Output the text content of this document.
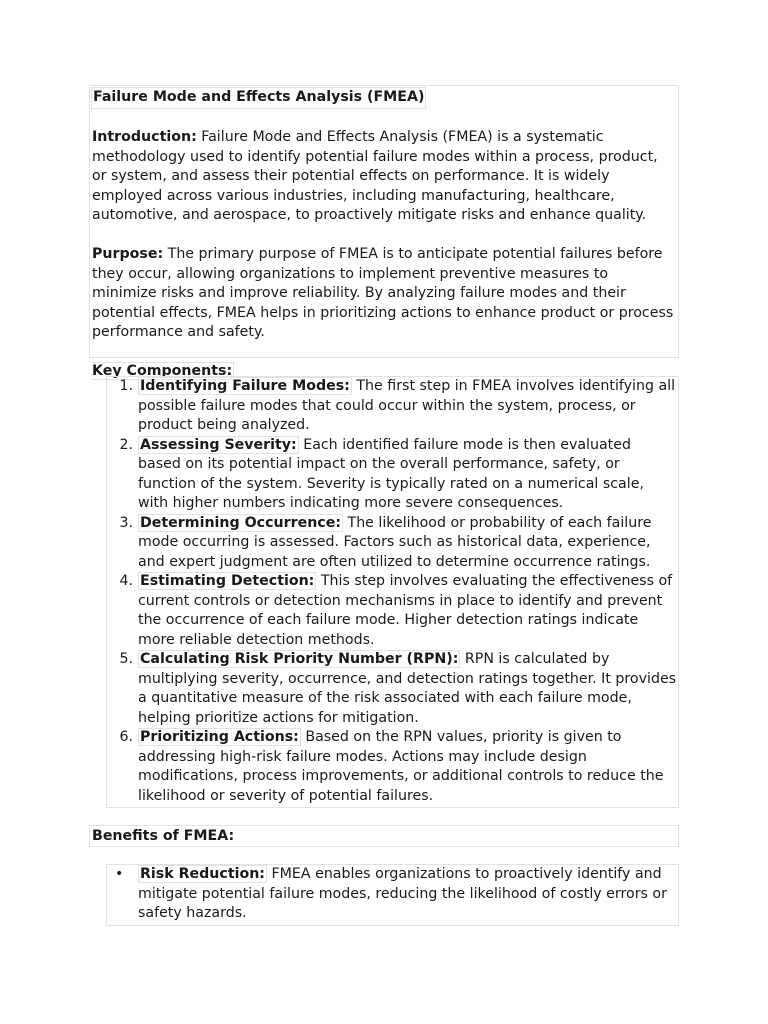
Failure Mode and Effects Analysis (FMEA)

Introduction: Failure Mode and Effects Analysis (FMEA) is a systematic methodology used to identify potential failure modes within a process, product, or system, and assess their potential effects on performance. It is widely employed across various industries, including manufacturing, healthcare, automotive, and aerospace, to proactively mitigate risks and enhance quality.

Purpose: The primary purpose of FMEA is to anticipate potential failures before they occur, allowing organizations to implement preventive measures to minimize risks and improve reliability. By analyzing failure modes and their potential effects, FMEA helps in prioritizing actions to enhance product or process performance and safety.

Key Components:

1. Identifying Failure Modes: The first step in FMEA involves identifying all possible failure modes that could occur within the system, process, or product being analyzed.
2. Assessing Severity: Each identified failure mode is then evaluated based on its potential impact on the overall performance, safety, or function of the system. Severity is typically rated on a numerical scale, with higher numbers indicating more severe consequences.
3. Determining Occurrence: The likelihood or probability of each failure mode occurring is assessed. Factors such as historical data, experience, and expert judgment are often utilized to determine occurrence ratings.
4. Estimating Detection: This step involves evaluating the effectiveness of current controls or detection mechanisms in place to identify and prevent the occurrence of each failure mode. Higher detection ratings indicate more reliable detection methods.
5. Calculating Risk Priority Number (RPN): RPN is calculated by multiplying severity, occurrence, and detection ratings together. It provides a quantitative measure of the risk associated with each failure mode, helping prioritize actions for mitigation.
6. Prioritizing Actions: Based on the RPN values, priority is given to addressing high-risk failure modes. Actions may include design modifications, process improvements, or additional controls to reduce the likelihood or severity of potential failures.

Benefits of FMEA:

• Risk Reduction: FMEA enables organizations to proactively identify and mitigate potential failure modes, reducing the likelihood of costly errors or safety hazards.
